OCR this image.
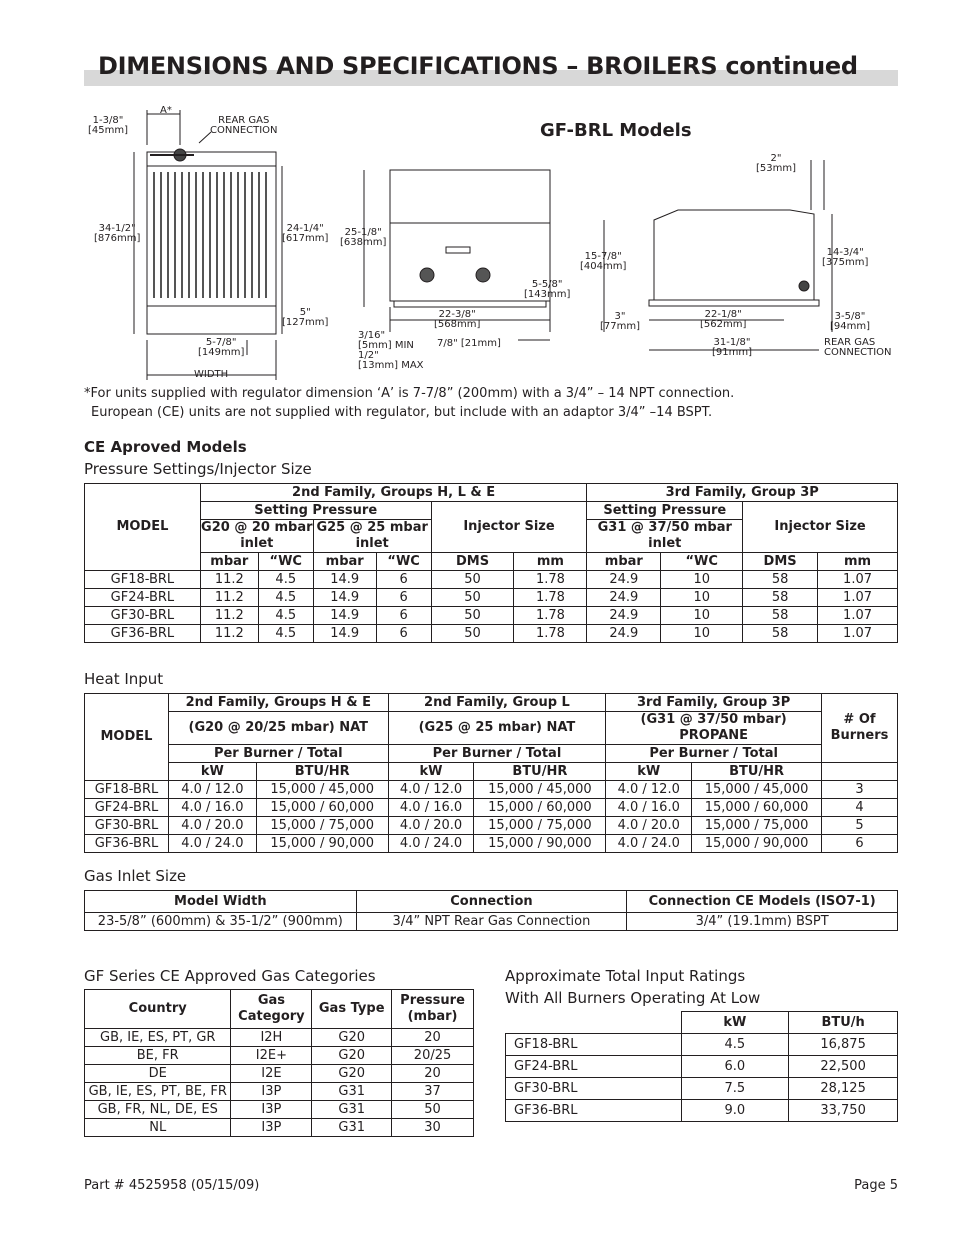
DIMENSIONS AND SPECIFICATIONS – BROILERS continued
GF-BRL Models
1-3/8"
[45mm]
A*
REAR GAS
CONNECTION
34-1/2"
[876mm]
24-1/4"
[617mm]
5"
[127mm]
5-7/8"
[149mm]
WIDTH
25-1/8"
[638mm]
5-5/8"
[143mm]
22-3/8"
[568mm]
3/16"
[5mm] MIN
1/2"
[13mm] MAX
7/8" [21mm]
2"
[53mm]
15-7/8"
[404mm]
14-3/4"
[375mm]
3"
[77mm]
22-1/8"
[562mm]
31-1/8"
[91mm]
3-5/8"
[94mm]
REAR GAS
CONNECTION
*For units supplied with regulator dimension ‘A’ is 7-7/8” (200mm) with a 3/4” – 14 NPT connection.
European (CE) units are not supplied with regulator, but include with an adaptor 3/4” –14 BSPT.
CE Aproved Models
Pressure Settings/Injector Size
MODEL	2nd Family, Groups H, L & E						3rd Family, Group 3P			
	Setting Pressure				Injector Size		Setting Pressure		Injector Size	
	G20 @ 20 mbar inlet		G25 @ 25 mbar inlet				G31 @ 37/50 mbar inlet			
	mbar	“WC	mbar	“WC	DMS	mm	mbar	“WC	DMS	mm
GF18-BRL	11.2	4.5	14.9	6	50	1.78	24.9	10	58	1.07
GF24-BRL	11.2	4.5	14.9	6	50	1.78	24.9	10	58	1.07
GF30-BRL	11.2	4.5	14.9	6	50	1.78	24.9	10	58	1.07
GF36-BRL	11.2	4.5	14.9	6	50	1.78	24.9	10	58	1.07
Heat Input
MODEL	2nd Family, Groups H & E		2nd Family, Group L		3rd Family, Group 3P		# Of Burners
	(G20 @ 20/25 mbar) NAT		(G25 @ 25 mbar) NAT		(G31 @ 37/50 mbar) PROPANE		
	Per Burner / Total		Per Burner / Total		Per Burner / Total		
	kW	BTU/HR	kW	BTU/HR	kW	BTU/HR	
GF18-BRL	4.0 / 12.0	15,000 / 45,000	4.0 / 12.0	15,000 / 45,000	4.0 / 12.0	15,000 / 45,000	3
GF24-BRL	4.0 / 16.0	15,000 / 60,000	4.0 / 16.0	15,000 / 60,000	4.0 / 16.0	15,000 / 60,000	4
GF30-BRL	4.0 / 20.0	15,000 / 75,000	4.0 / 20.0	15,000 / 75,000	4.0 / 20.0	15,000 / 75,000	5
GF36-BRL	4.0 / 24.0	15,000 / 90,000	4.0 / 24.0	15,000 / 90,000	4.0 / 24.0	15,000 / 90,000	6
Gas Inlet Size
Model Width	Connection	Connection CE Models (ISO7-1)
23-5/8” (600mm) & 35-1/2” (900mm)	3/4” NPT Rear Gas Connection	3/4” (19.1mm) BSPT
GF Series CE Approved Gas Categories
Country	Gas Category	Gas Type	Pressure (mbar)
GB, IE, ES, PT, GR	I2H	G20	20
BE, FR	I2E+	G20	20/25
DE	I2E	G20	20
GB, IE, ES, PT, BE, FR	I3P	G31	37
GB, FR, NL, DE, ES	I3P	G31	50
NL	I3P	G31	30
Approximate Total Input Ratings
With All Burners Operating At Low
	kW	BTU/h
GF18-BRL	4.5	16,875
GF24-BRL	6.0	22,500
GF30-BRL	7.5	28,125
GF36-BRL	9.0	33,750
Part # 4525958 (05/15/09)	Page 5
